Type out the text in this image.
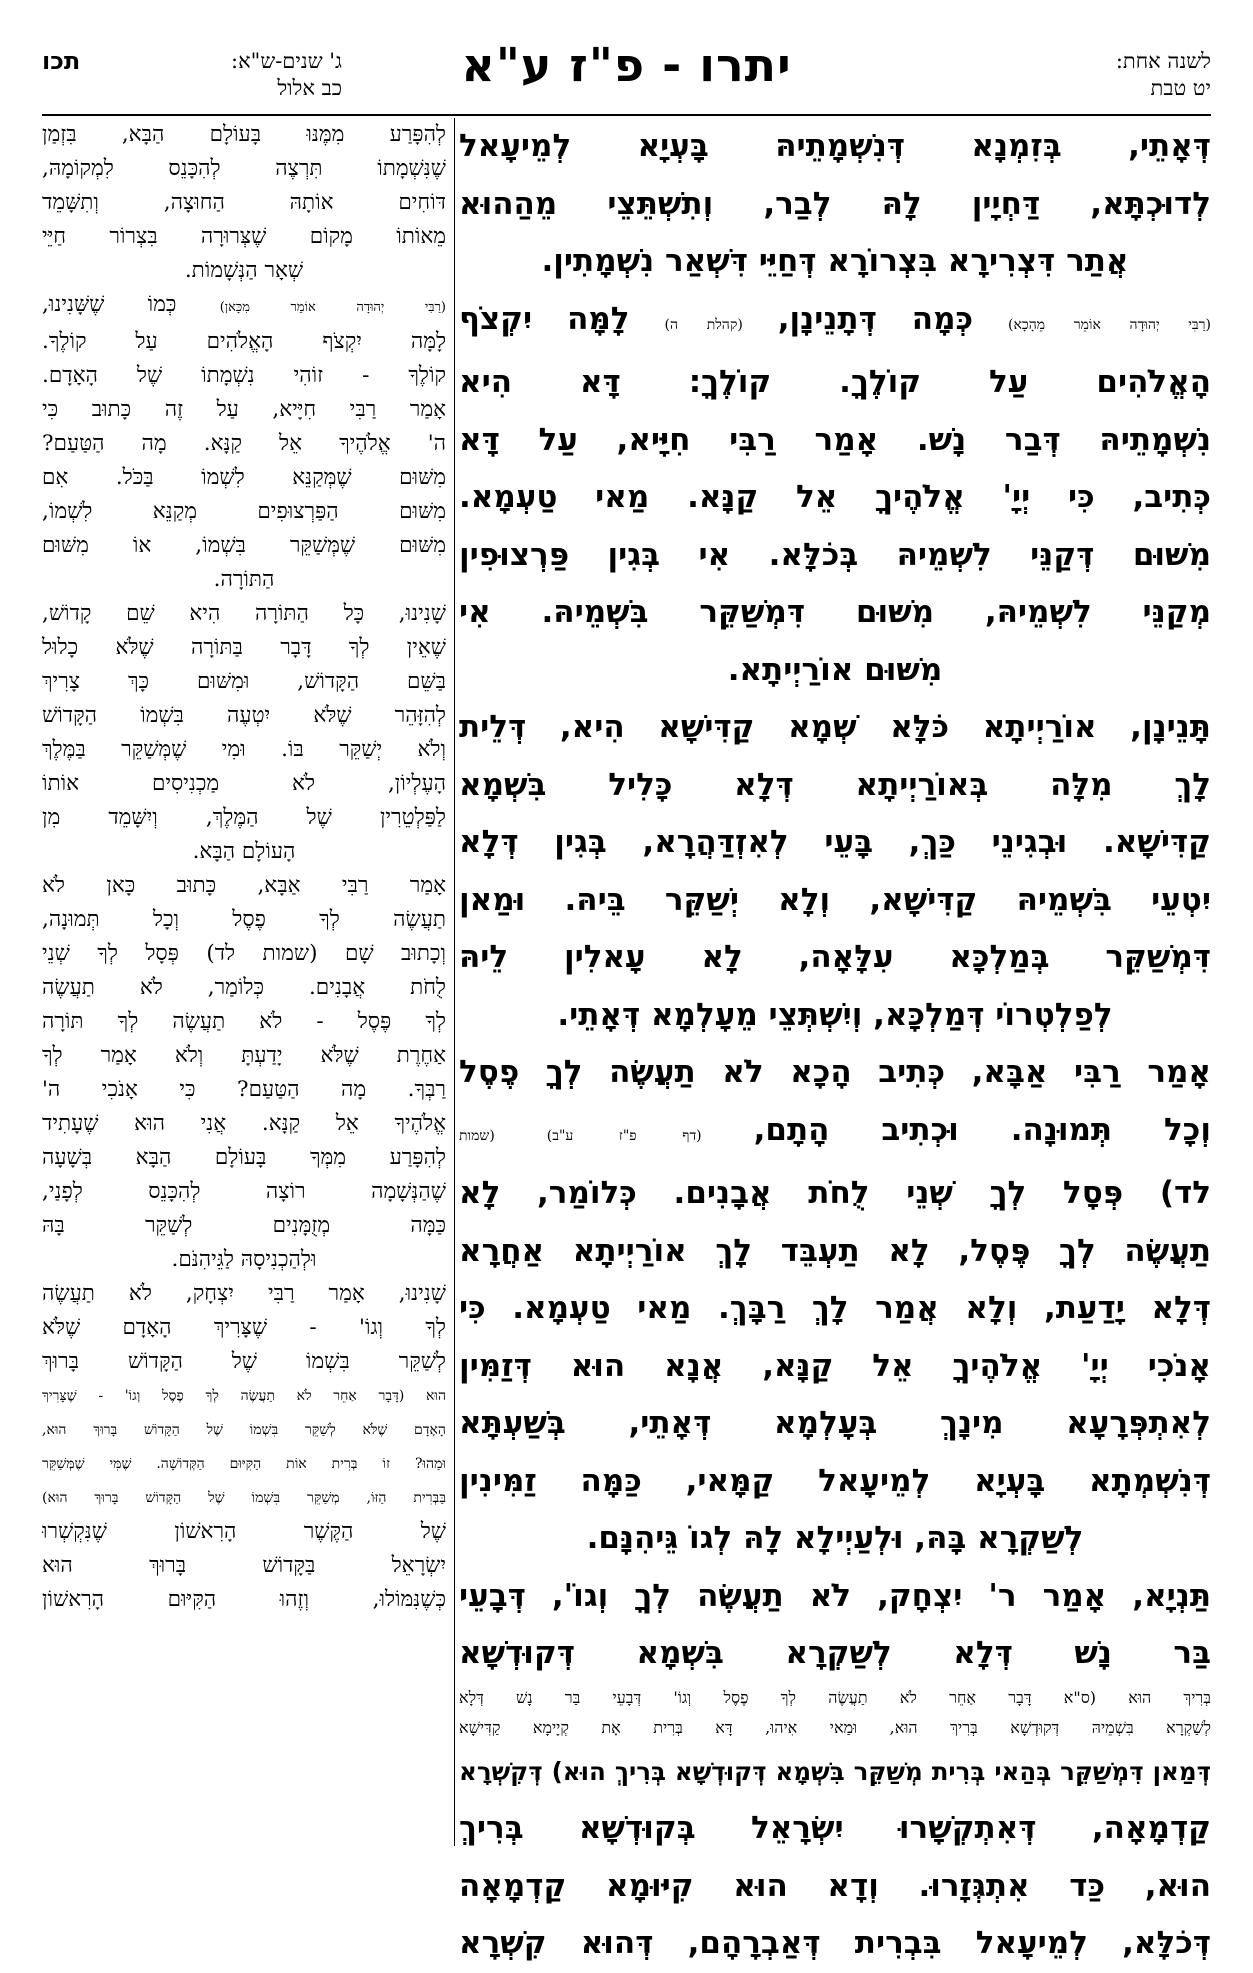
לשנה אחת:
יט טבת
יתרו - פ"ז ע"א
תכו	ג' שנים-ש"א:
כב אלול

דְּאָתֵי, בְּזִמְנָא דְּנִשְׁמָתֵיהּ בָּעְיָא לְמֵיעָאל

לְדוּכְתָּא, דַּחְיָין לָהּ לְבַר, וְתִשְׁתֵּצֵי מֵהַהוּא

אֲתַר דִּצְרִירָא בִּצְרוֹרָא דְּחַיֵּי דִּשְׁאַר נִשְׁמָתִין.

(רַבִּי יְהוּדָה אוֹמֵר מֵהָכָא) כְּמָה דְּתָנֵינָן, (קהלת ה) לָמָּה יִקְצֹף

הָאֱלֹהִים עַל קוֹלֶךָ. קוֹלֶךָ: דָּא הִיא

נִשְׁמָתֵיהּ דְּבַר נָשׁ. אָמַר רַבִּי חִיָּיא, עַל דָּא

כְּתִיב, כִּי יְיָ' אֱלֹהֶיךָ אֵל קַנָּא. מַאי טַעְמָא.

מִשּׁוּם דְּקַנֵּי לִשְׁמֵיהּ בְּכֹלָּא. אִי בְּגִין פַּרְצוּפִין

מְקַנֵּי לִשְׁמֵיהּ, מִשּׁוּם דִּמְשַׁקֵּר בִּשְׁמֵיהּ. אִי

מִשּׁוּם אוֹרַיְיתָא.

תָּנֵינָן, אוֹרַיְיתָא כֹּלָּא שְׁמָא קַדִּישָׁא הִיא, דְּלֵית

לָךְ מִלָּה בְּאוֹרַיְיתָא דְּלָא כָּלִיל בִּשְׁמָא

קַדִּישָׁא. וּבְגִינֵי כַּךְ, בָּעֵי לְאִזְדַּהֲרָא, בְּגִין דְּלָא

יִטְעֵי בִּשְׁמֵיהּ קַדִּישָׁא, וְלָא יְשַׁקֵּר בֵּיהּ. וּמַאן

דִּמְשַׁקֵּר בְּמַלְכָּא עִלָּאָה, לָא עָאלִין לֵיהּ

לְפַלְטְרוֹי דְּמַלְכָּא, וְיִשְׁתְּצֵי מֵעָלְמָא דְּאָתֵי.

אָמַר רַבִּי אַבָּא, כְּתִיב הָכָא לֹא תַעֲשֶׂה לְךָ פֶסֶל

וְכָל תְּמוּנָה. וּכְתִיב הָתָם, (דף פ"ז ע"ב) (שמות

לד) פְּסָל לְךָ שְׁנֵי לֻחֹת אֲבָנִים. כְּלוֹמַר, לָא

תַעֲשֶׂה לְךָ פֶּסֶל, לָא תַעְבֵּד לָךְ אוֹרַיְיתָא אַחֲרָא

דְּלָא יָדַעַת, וְלָא אֲמַר לָךְ רַבָּךְ. מַאי טַעְמָא. כִּי

אָנֹכִי יְיָ' אֱלֹהֶיךָ אֵל קַנָּא, אֲנָא הוּא דְּזַמִּין

לְאִתְפְּרָעָא מִינָךְ בְּעָלְמָא דְּאָתֵי, בְּשַׁעְתָּא

דְּנִשְׁמְתָא בָּעְיָא לְמֵיעָאל קַמָּאי, כַּמָּה זַמִּינִין

לְשַׁקְרָא בָּהּ, וּלְעַיְילָא לָהּ לְגוֹ גֵּיהִנָּם.

תַּנְיָא, אָמַר ר' יִצְחָק, לֹא תַעֲשֶׂה לְךָ וְגוֹ', דְּבָעֵי

בַּר נָשׁ דְּלָא לְשַׁקְרָא בִּשְׁמָא דְּקוּדְשָׁא

בְּרִיךְ הוּא (ס"א דָּבָר אַחֵר לֹא תַעֲשֶׂה לְךָ פֶסֶל וְגוֹ' דְּבָעֵי בַּר נָשׁ דְּלָא

לְשַׁקְרָא בִּשְׁמֵיהּ דְּקוּדְשָׁא בְּרִיךְ הוּא, וּמַאי אִיהוּ, דָּא בְּרִית אָת קְיָימָא קַדִּישָׁא

דְּמַאן דִּמְשַׁקֵּר בְּהַאי בְּרִית מְשַׁקֵּר בִּשְׁמָא דְּקוּדְשָׁא בְּרִיךְ הוּא) דְּקִשְׁרָא

קַדְמָאָה, דְּאִתְקְשָׁרוּ יִשְׂרָאֵל בְּקוּדְשָׁא בְּרִיךְ

הוּא, כַּד אִתְגְּזָרוּ. וְדָא הוּא קִיּוּמָא קַדְמָאָה

דְּכֹלָּא, לְמֵיעָאל בִּבְרִית דְּאַבְרָהָם, דְּהוּא קִשְׁרָא

לְהִפָּרַע מִמֶּנּוּ בָּעוֹלָם הַבָּא, בִּזְמַן

שֶׁנִּשְׁמָתוֹ תִּרְצֶה לְהִכָּנֵס לִמְקוֹמָהּ,

דּוֹחִים אוֹתָהּ הַחוּצָה, וְתִשָּׁמֵד

מֵאוֹתוֹ מָקוֹם שֶׁצְּרוּרָה בִּצְרוֹר חַיֵּי

שְׁאָר הַנְּשָׁמוֹת.

(רַבִּי יְהוּדָה אוֹמֵר מִכָּאן) כְּמוֹ שֶׁשָּׁנִינוּ,

לָמָּה יִקְצֹף הָאֱלֹהִים עַל קוֹלֶךָ.

קוֹלֶךָ - זוֹהִי נִשְׁמָתוֹ שֶׁל הָאָדָם.

אָמַר רַבִּי חִיָּיא, עַל זֶה כָּתוּב כִּי

ה' אֱלֹהֶיךָ אֵל קַנָּא. מָה הַטַּעַם?

מִשּׁוּם שֶׁמְּקַנֵּא לִשְׁמוֹ בַּכֹּל. אִם

מִשּׁוּם הַפַּרְצוּפִים מְקַנֵּא לִשְׁמוֹ,

מִשּׁוּם שֶׁמְּשַׁקֵּר בִּשְׁמוֹ, אוֹ מִשּׁוּם

הַתּוֹרָה.

שָׁנִינוּ, כָּל הַתּוֹרָה הִיא שֵׁם קָדוֹשׁ,

שֶׁאֵין לְךָ דָּבָר בַּתּוֹרָה שֶׁלֹּא כָלוּל

בַּשֵּׁם הַקָּדוֹשׁ, וּמִשּׁוּם כָּךְ צָרִיךְ

לְהִזָּהֵר שֶׁלֹּא יִטְעֶה בִּשְׁמוֹ הַקָּדוֹשׁ

וְלֹא יְשַׁקֵּר בּוֹ. וּמִי שֶׁמְּשַׁקֵּר בַּמֶּלֶךְ

הָעֶלְיוֹן, לֹא מַכְנִיסִים אוֹתוֹ

לַפַּלְטֵרִין שֶׁל הַמֶּלֶךְ, וְיִשָּׁמֵד מִן

הָעוֹלָם הַבָּא.

אָמַר רַבִּי אַבָּא, כָּתוּב כָּאן לֹא

תַעֲשֶׂה לְךָ פֶסֶל וְכָל תְּמוּנָה,

וְכָתוּב שָׁם (שמות לד) פְּסָל לְךָ שְׁנֵי

לֻחֹת אֲבָנִים. כְּלוֹמַר, לֹא תַעֲשֶׂה

לְךָ פֶּסֶל - לֹא תַעֲשֶׂה לְךָ תּוֹרָה

אַחֶרֶת שֶׁלֹּא יָדַעְתָּ וְלֹא אָמַר לְךָ

רַבְּךָ. מָה הַטַּעַם? כִּי אָנֹכִי ה'

אֱלֹהֶיךָ אֵל קַנָּא. אֲנִי הוּא שֶׁעָתִיד

לְהִפָּרַע מִמְּךָ בָּעוֹלָם הַבָּא בְּשָׁעָה

שֶׁהַנְּשָׁמָה רוֹצָה לְהִכָּנֵס לְפָנַי,

כַּמָּה מְזֻמָּנִים לְשַׁקֵּר בָּהּ

וּלְהַכְנִיסָהּ לַגֵּיהִנֹּם.

שָׁנִינוּ, אָמַר רַבִּי יִצְחָק, לֹא תַעֲשֶׂה

לְךָ וְגוֹ' - שֶׁצָּרִיךְ הָאָדָם שֶׁלֹּא

לְשַׁקֵּר בִּשְׁמוֹ שֶׁל הַקָּדוֹשׁ בָּרוּךְ

הוּא (דָּבָר אַחֵר לֹא תַעֲשֶׂה לְךָ פֶסֶל וְגוֹ' - שֶׁצָּרִיךְ

הָאָדָם שֶׁלֹּא לְשַׁקֵּר בִּשְׁמוֹ שֶׁל הַקָּדוֹשׁ בָּרוּךְ הוּא,

וּמַהוּ? זוֹ בְּרִית אוֹת הַקִּיּוּם הַקְּדוֹשָׁה. שֶׁמִּי שֶׁמְּשַׁקֵּר

בַּבְּרִית הַזּוֹ, מְשַׁקֵּר בִּשְׁמוֹ שֶׁל הַקָּדוֹשׁ בָּרוּךְ הוּא)

שֶׁל הַקֶּשֶׁר הָרִאשׁוֹן שֶׁנִּקְשְׁרוּ

יִשְׂרָאֵל בַּקָּדוֹשׁ בָּרוּךְ הוּא

כְּשֶׁנִּמּוֹלוּ, וְזֶהוּ הַקִּיּוּם הָרִאשׁוֹן
